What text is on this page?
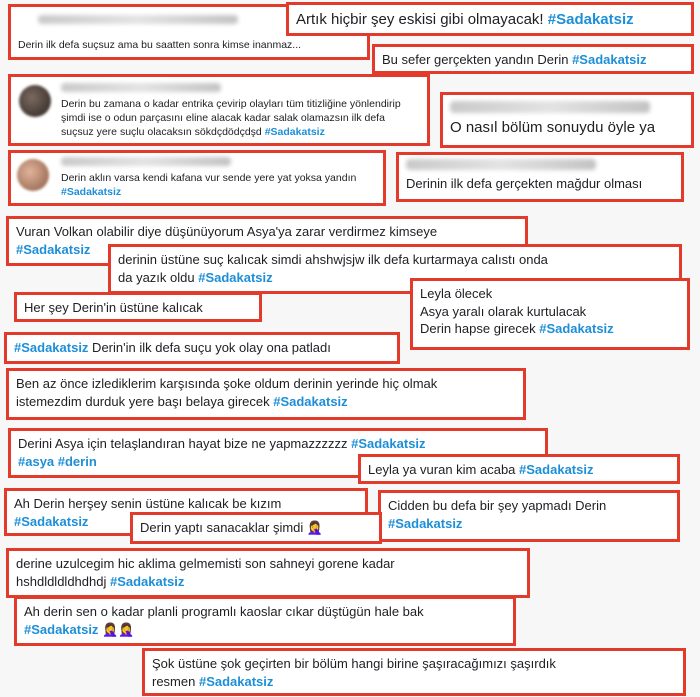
Derin ilk defa suçsuz ama bu saatten sonra kimse inanmaz...
Artık hiçbir şey eskisi gibi olmayacak! #Sadakatsiz
Bu sefer gerçekten yandın Derin #Sadakatsiz
Derin bu zamana o kadar entrika çevirip olayları tüm titizliğine yönlendirip
şimdi ise o odun parçasını eline alacak kadar salak olamazsın ilk defa
suçsuz yere suçlu olacaksın sökdçdödçdşd #Sadakatsiz	O nasıl bölüm sonuydu öyle ya
Derin aklın varsa kendi kafana vur sende yere yat yoksa yandın
#Sadakatsiz
Derinin ilk defa gerçekten mağdur olması
Vuran Volkan olabilir diye düşünüyorum Asya'ya zarar verdirmez kimseye
#Sadakatsiz
derinin üstüne suç kalıcak simdi ahshwjsjw ilk defa kurtarmaya calıstı onda
da yazık oldu #Sadakatsiz
Her şey Derin'in üstüne kalıcak
Leyla ölecek
Asya yaralı olarak kurtulacak
Derin hapse girecek #Sadakatsiz
#Sadakatsiz Derin'in ilk defa suçu yok olay ona patladı
Ben az önce izlediklerim karşısında şoke oldum derinin yerinde hiç olmak
istemezdim durduk yere başı belaya girecek #Sadakatsiz
Derini Asya için telaşlandıran hayat bize ne yapmazzzzzz #Sadakatsiz
#asya #derin
Leyla ya vuran kim acaba #Sadakatsiz
Ah Derin herşey senin üstüne kalıcak be kızım
#Sadakatsiz
Cidden bu defa bir şey yapmadı Derin
#Sadakatsiz
Derin yaptı sanacaklar şimdi 🤦‍♀️
derine uzulcegim hic aklima gelmemisti son sahneyi gorene kadar
hshdldldldhdhdj #Sadakatsiz
Ah derin sen o kadar planli programlı kaoslar cıkar düştügün hale bak
#Sadakatsiz 🤦‍♀️🤦‍♀️
Şok üstüne şok geçirten bir bölüm hangi birine şaşıracağımızı şaşırdık
resmen #Sadakatsiz
